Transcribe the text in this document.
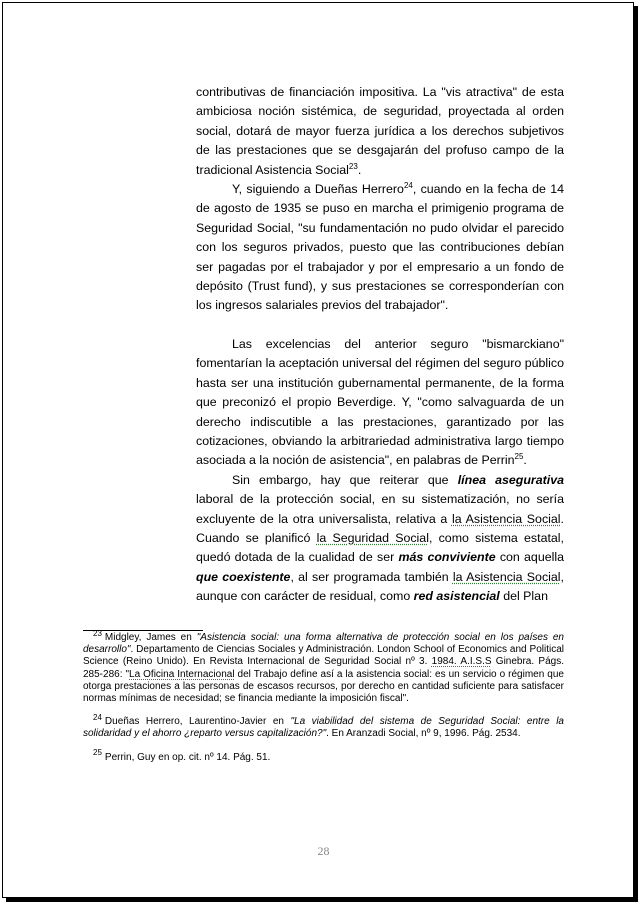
contributivas de financiación impositiva. La "vis atractiva" de esta ambiciosa noción sistémica, de seguridad, proyectada al orden social, dotará de mayor fuerza jurídica a los derechos subjetivos de las prestaciones que se desgajarán del profuso campo de la tradicional Asistencia Social$^{23}$.

Y, siguiendo a Dueñas Herrero$^{24}$, cuando en la fecha de 14 de agosto de 1935 se puso en marcha el primigenio programa de Seguridad Social, "su fundamentación no pudo olvidar el parecido con los seguros privados, puesto que las contribuciones debían ser pagadas por el trabajador y por el empresario a un fondo de depósito (Trust fund), y sus prestaciones se corresponderían con los ingresos salariales previos del trabajador".

Las excelencias del anterior seguro "bismarckiano" fomentarían la aceptación universal del régimen del seguro público hasta ser una institución gubernamental permanente, de la forma que preconizó el propio Beverdige. Y, "como salvaguarda de un derecho indiscutible a las prestaciones, garantizado por las cotizaciones, obviando la arbitrariedad administrativa largo tiempo asociada a la noción de asistencia", en palabras de Perrin$^{25}$.

Sin embargo, hay que reiterar que línea asegurativa laboral de la protección social, en su sistematización, no sería excluyente de la otra universalista, relativa a la Asistencia Social. Cuando se planificó la Seguridad Social, como sistema estatal, quedó dotada de la cualidad de ser más conviviente con aquella que coexistente, al ser programada también la Asistencia Social, aunque con carácter de residual, como red asistencial del Plan

$^{23}$ Midgley, James en "Asistencia social: una forma alternativa de protección social en los países en desarrollo". Departamento de Ciencias Sociales y Administración. London School of Economics and Political Science (Reino Unido). En Revista Internacional de Seguridad Social nº 3. 1984. A.I.S.S Ginebra. Págs. 285-286: "La Oficina Internacional del Trabajo define así a la asistencia social: es un servicio o régimen que otorga prestaciones a las personas de escasos recursos, por derecho en cantidad suficiente para satisfacer normas mínimas de necesidad; se financia mediante la imposición fiscal".

$^{24}$ Dueñas Herrero, Laurentino-Javier en "La viabilidad del sistema de Seguridad Social: entre la solidaridad y el ahorro ¿reparto versus capitalización?". En Aranzadi Social, nº 9, 1996. Pág. 2534.

$^{25}$ Perrin, Guy en op. cit. nº 14. Pág. 51.

28
